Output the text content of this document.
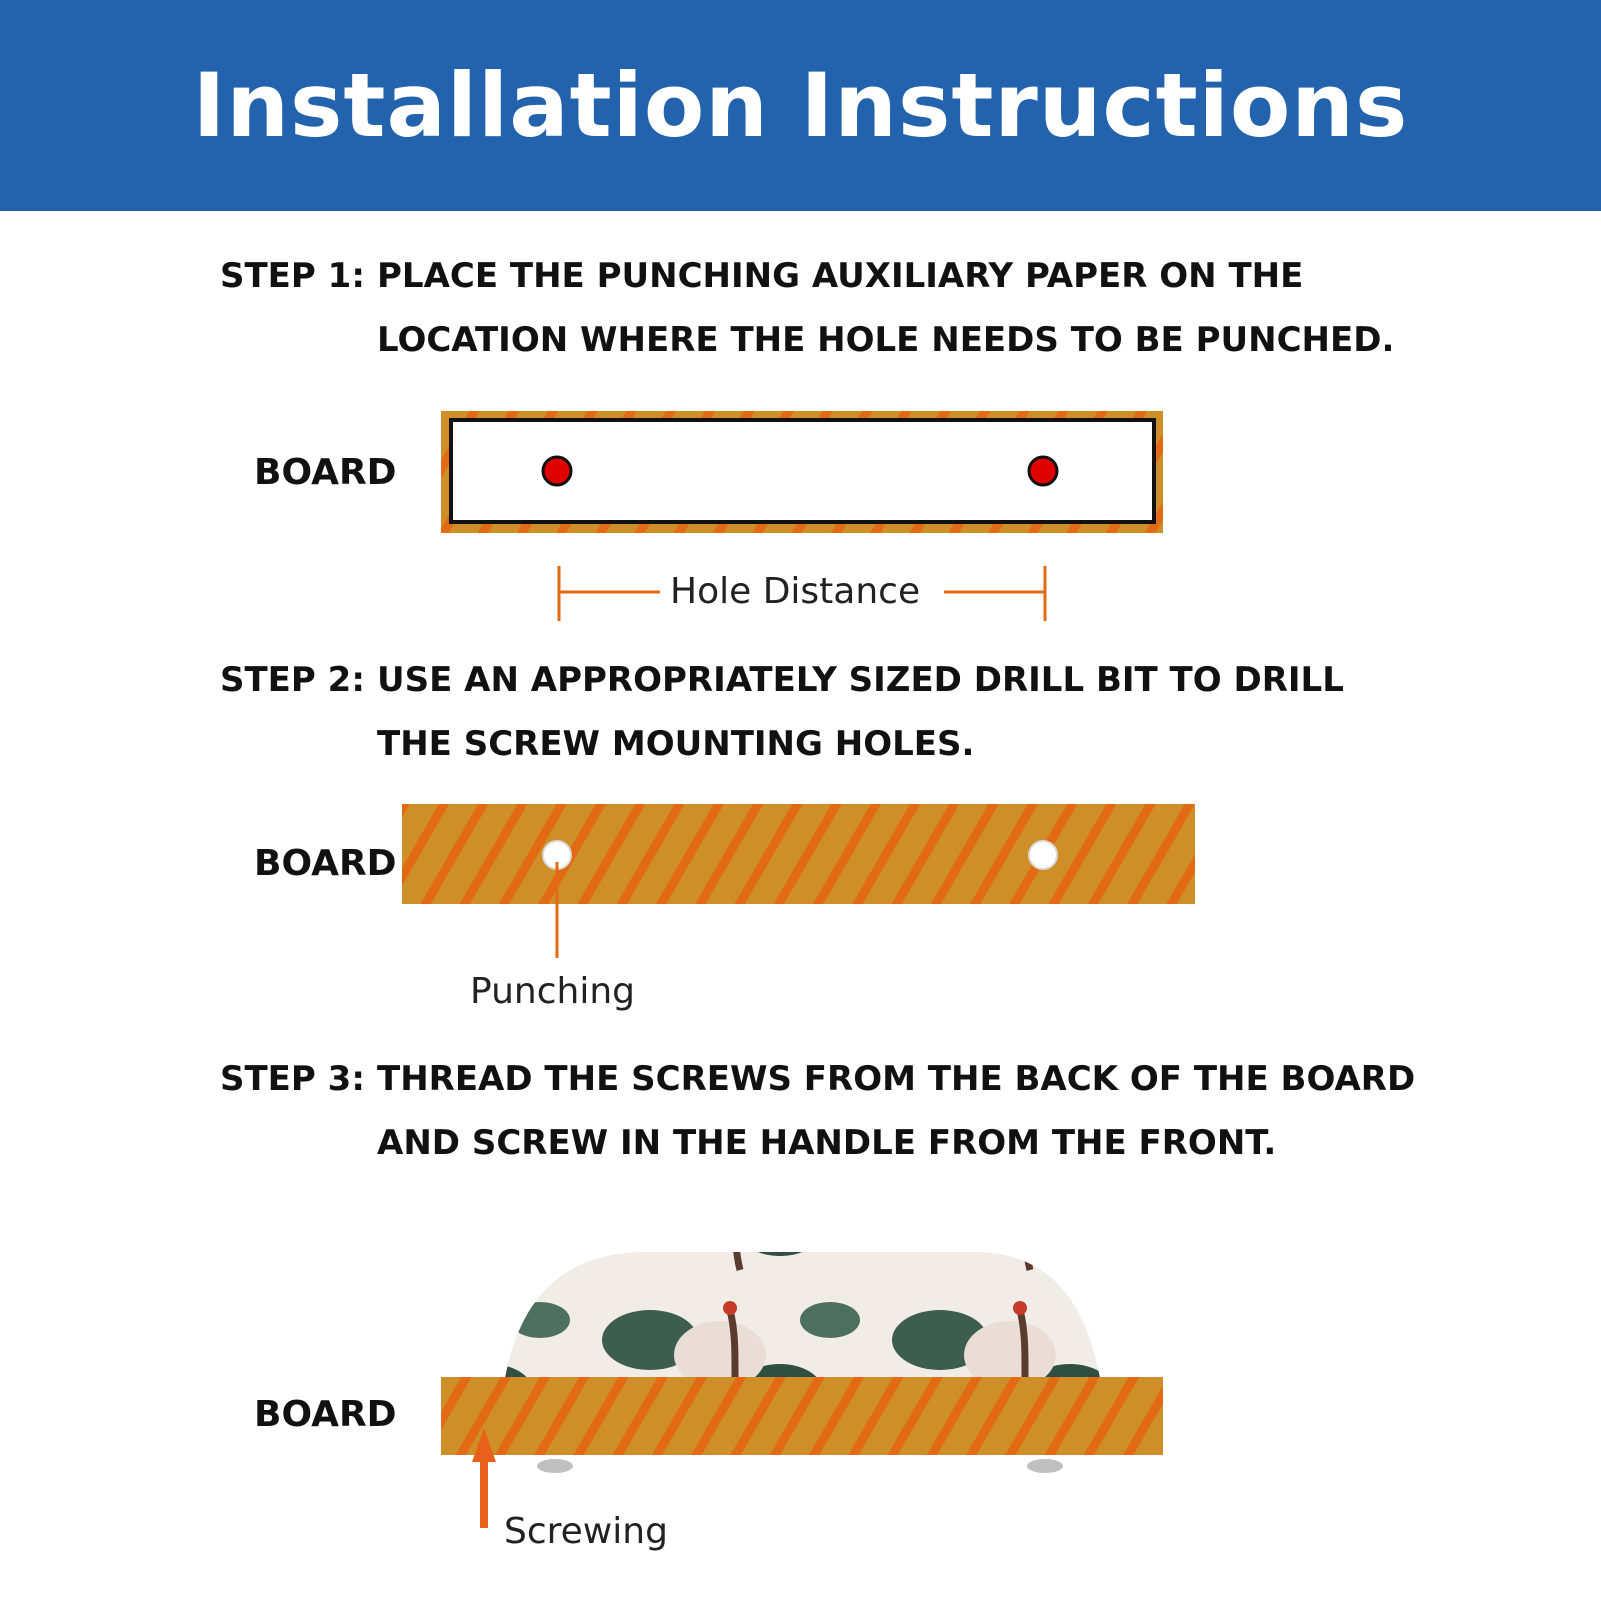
Installation Instructions
STEP 1: PLACE THE PUNCHING AUXILIARY PAPER ON THE
LOCATION WHERE THE HOLE NEEDS TO BE PUNCHED.
BOARD
Hole Distance
STEP 2: USE AN APPROPRIATELY SIZED DRILL BIT TO DRILL
THE SCREW MOUNTING HOLES.
BOARD
Punching
STEP 3: THREAD THE SCREWS FROM THE BACK OF THE BOARD
AND SCREW IN THE HANDLE FROM THE FRONT.
BOARD
Screwing
